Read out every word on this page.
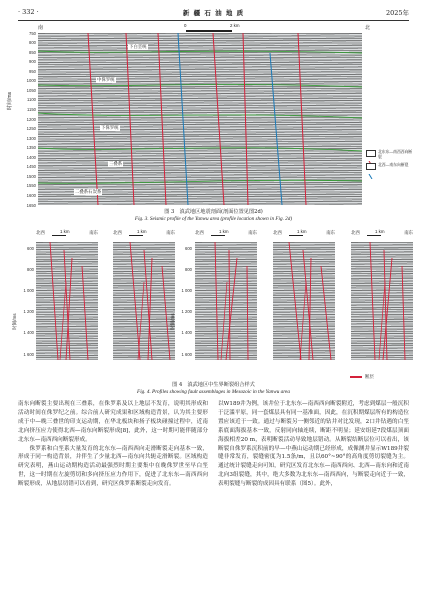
· 332 ·	新 疆 石 油 地 质	2025年
南	北
0	2 km
下白垩统
中侏罗统
下侏罗统
三叠系
二叠系石炭系
750
800
850
900
950
1000
1050
1100
1150
1200
1250
1300
1350
1400
1450
1500
1550
1600
1650
时间/ms
北东东—南西西向断裂
北西—南东向断裂
图 3　滇武地区地震剖面(剖面位置见图2d)
Fig. 3. Seismic profile of the Yanwu area (profile location shown in Fig. 2d)
北西	南东
1 km	北西	南东
1 km	北西	南东
1 km	北西	南东
1 km	北西	南东
1 km
600
800
1 000
1 200
1 400
1 600
600
800
1 000
1 200
1 400
1 600
时间/ms	时间/ms
断层
图 4　滇武地区中生界断裂组合样式
Fig. 4. Profiles showing fault assemblages in Mesozoic in the Yanwu area
南东向断裂主要出现在三叠系，在侏罗系及以上地层不发育，说明其形成和活动时间在侏罗纪之前。综合前人研究成果和区域构造背景，认为其主要形成于中—晚三叠世的印支运动期，在华北板块和扬子板块碰撞过程中，近南北向挤压应力使得北西—南东向断裂形成[8]，此外，这一时期可能伴随部分北东东—南西西向断裂形成。
　　侏罗系和白垩系大量发育的北东东—南西西向走滑断裂走向基本一致，形成于同一构造背景，并伴生了少量北西—南东向共轭走滑断裂。区域构造研究表明，燕山运动期构造活动最强烈时期主要集中在晚侏罗世至早白垩世，这一时期在左旋剪切和多向挤压应力作用下，促进了北东东—南西西向断裂形成，从地层切错可以看到，研究区侏罗系断裂走向发育。
以W189井为例，该井位于北东东—南西西向断裂附近，考虑到煤层一般沉积于泛滥平原，同一套煤层具有同一基准面，因此，在沉积期煤层所有的构造位置应该近于一致。通过与断裂另一侧邻近的钻井对比发现，2口井钻遇的白垩系底面海拔基本一致，反射同向轴连续，断距不明显；延安组延7段煤层顶面海拔相差20 m，表明断裂活动导致地层错动。从断裂结断层位可以看出，该断裂自侏罗系沉积前的早—中燕山运动期已经形成，成像测井显示W189井裂缝非常发育，裂缝密度为1.5条/m，且以60°~90°的高角度剪切裂缝为主。通过统计裂缝走向可知，研究区发育北东东—南西西向、北西—南东向和近南北向3组裂缝，其中，绝大多数为北东东—南西西向，与断裂走向近于一致，表明裂缝与断裂的成因具有联系（图5）。此外，
